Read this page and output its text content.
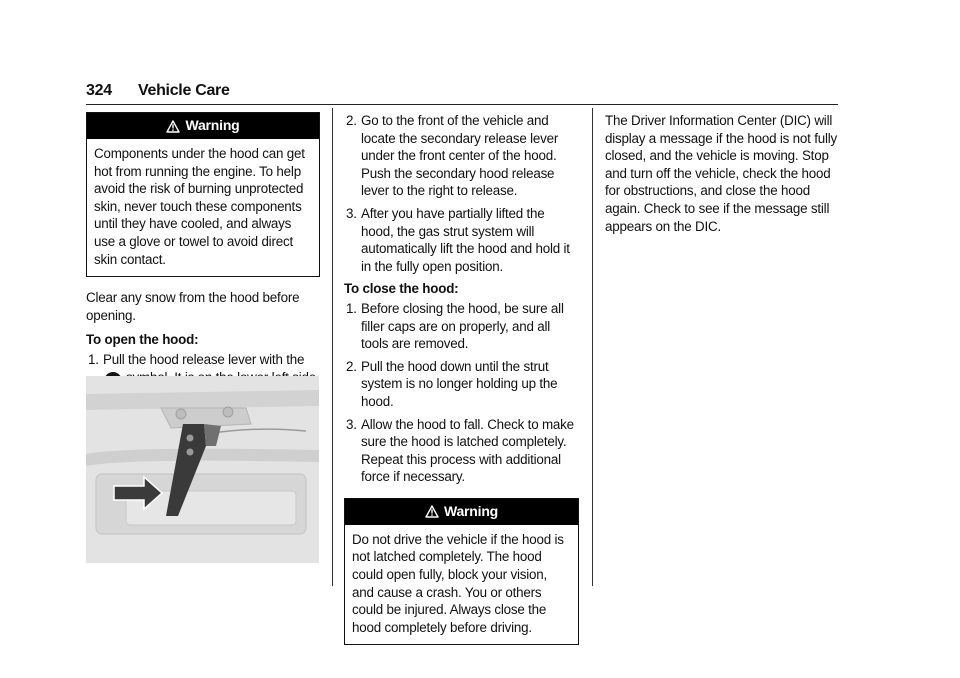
324 Vehicle Care
Warning

Components under the hood can get hot from running the engine. To help avoid the risk of burning unprotected skin, never touch these components until they have cooled, and always use a glove or towel to avoid direct skin contact.

Clear any snow from the hood before opening.

To open the hood:

1. Pull the hood release lever with the

2. Go to the front of the vehicle and locate the secondary release lever under the front center of the hood. Push the secondary hood release lever to the right to release.
3. After you have partially lifted the hood, the gas strut system will automatically lift the hood and hold it in the fully open position.

To close the hood:

1. Before closing the hood, be sure all filler caps are on properly, and all tools are removed.
2. Pull the hood down until the strut system is no longer holding up the hood.
3. Allow the hood to fall. Check to make sure the hood is latched completely. Repeat this process with additional force if necessary.
Warning

Do not drive the vehicle if the hood is not latched completely. The hood could open fully, block your vision, and cause a crash. You or others could be injured. Always close the hood completely before driving.

The Driver Information Center (DIC) will display a message if the hood is not fully closed, and the vehicle is moving. Stop and turn off the vehicle, check the hood for obstructions, and close the hood again. Check to see if the message still appears on the DIC.
